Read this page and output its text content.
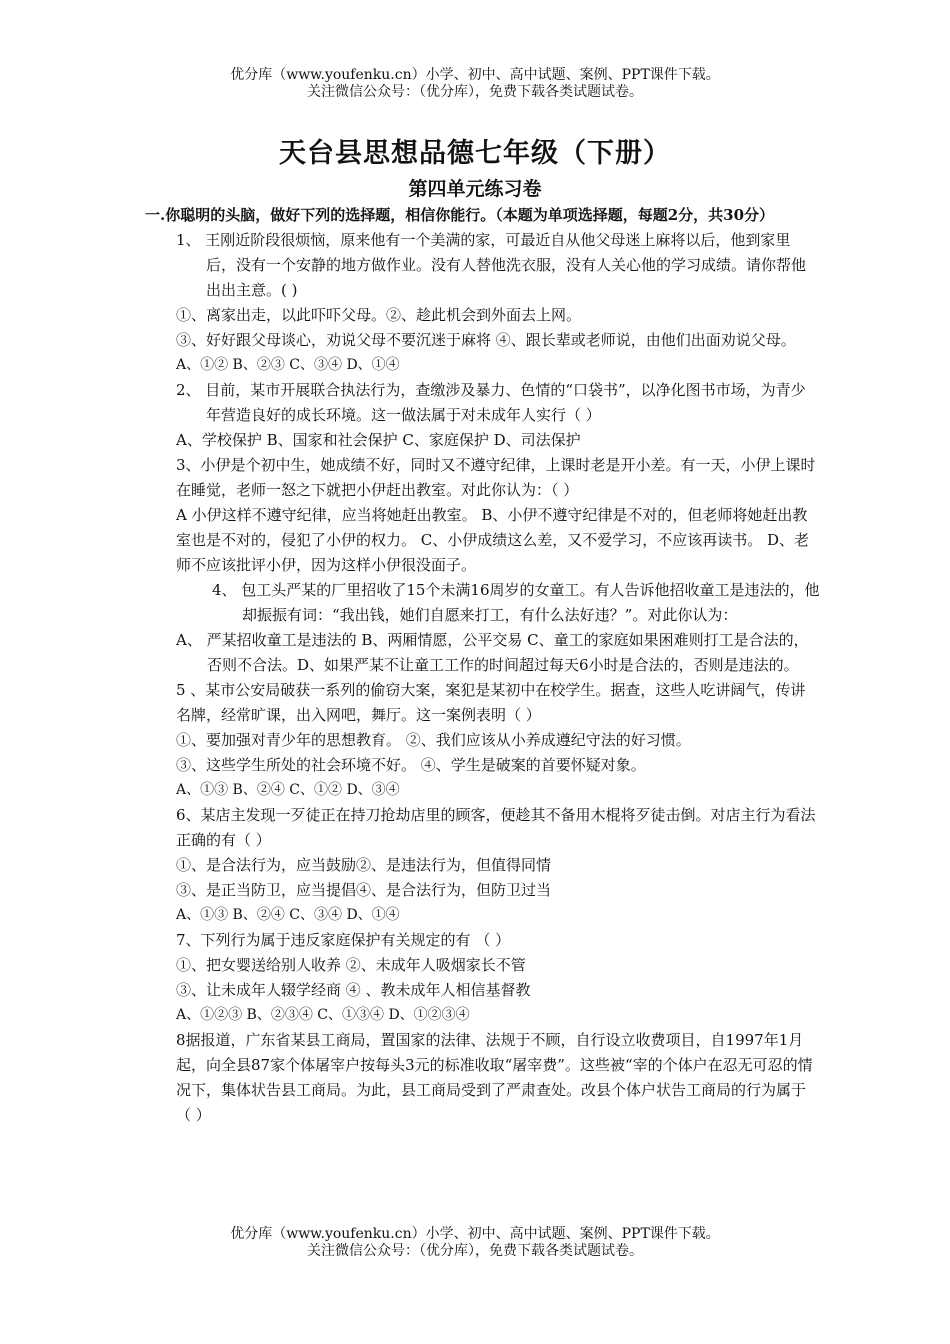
优分库（www.youfenku.cn）小学、初中、高中试题、案例、PPT课件下载。
关注微信公众号：（优分库），免费下载各类试题试卷。
天台县思想品德七年级（下册）
第四单元练习卷

一.你聪明的头脑，做好下列的选择题，相信你能行。（本题为单项选择题，每题2分，共30分）

1、 王刚近阶段很烦恼，原来他有一个美满的家，可最近自从他父母迷上麻将以后，他到家里后，没有一个安静的地方做作业。没有人替他洗衣服，没有人关心他的学习成绩。请你帮他出出主意。( )

①、离家出走，以此吓吓父母。②、趁此机会到外面去上网。

③、好好跟父母谈心，劝说父母不要沉迷于麻将 ④、跟长辈或老师说，由他们出面劝说父母。

A、①② B、②③ C、③④ D、①④

2、 目前，某市开展联合执法行为，查缴涉及暴力、色情的“口袋书”，以净化图书市场，为青少年营造良好的成长环境。这一做法属于对未成年人实行（ ）

A、学校保护 B、国家和社会保护 C、家庭保护 D、司法保护

3、小伊是个初中生，她成绩不好，同时又不遵守纪律，上课时老是开小差。有一天，小伊上课时在睡觉，老师一怒之下就把小伊赶出教室。对此你认为：（ ）

A 小伊这样不遵守纪律，应当将她赶出教室。 B、小伊不遵守纪律是不对的，但老师将她赶出教室也是不对的，侵犯了小伊的权力。 C、小伊成绩这么差，又不爱学习，不应该再读书。 D、老师不应该批评小伊，因为这样小伊很没面子。

4、 包工头严某的厂里招收了15个未满16周岁的女童工。有人告诉他招收童工是违法的，他却振振有词：“我出钱，她们自愿来打工，有什么法好违？”。对此你认为：

A、 严某招收童工是违法的 B、两厢情愿，公平交易 C、童工的家庭如果困难则打工是合法的，否则不合法。D、如果严某不让童工工作的时间超过每天6小时是合法的，否则是违法的。

5 、某市公安局破获一系列的偷窃大案，案犯是某初中在校学生。据查，这些人吃讲阔气，传讲名牌，经常旷课，出入网吧，舞厅。这一案例表明（ ）

①、要加强对青少年的思想教育。 ②、我们应该从小养成遵纪守法的好习惯。

③、这些学生所处的社会环境不好。 ④、学生是破案的首要怀疑对象。

A、①③ B、②④ C、①② D、③④

6、某店主发现一歹徒正在持刀抢劫店里的顾客，便趁其不备用木棍将歹徒击倒。对店主行为看法正确的有（ ）

①、是合法行为，应当鼓励②、是违法行为，但值得同情

③、是正当防卫，应当提倡④、是合法行为，但防卫过当

A、①③ B、②④ C、③④ D、①④

7、下列行为属于违反家庭保护有关规定的有 （ ）

①、把女婴送给别人收养 ②、未成年人吸烟家长不管

③、让未成年人辍学经商 ④ 、教未成年人相信基督教

A、①②③ B、②③④ C、①③④ D、①②③④

8据报道，广东省某县工商局，置国家的法律、法规于不顾，自行设立收费项目，自1997年1月起，向全县87家个体屠宰户按每头3元的标准收取“屠宰费”。这些被“宰的个体户在忍无可忍的情况下，集体状告县工商局。为此，县工商局受到了严肃查处。改县个体户状告工商局的行为属于（ ）

优分库（www.youfenku.cn）小学、初中、高中试题、案例、PPT课件下载。
关注微信公众号：（优分库），免费下载各类试题试卷。
